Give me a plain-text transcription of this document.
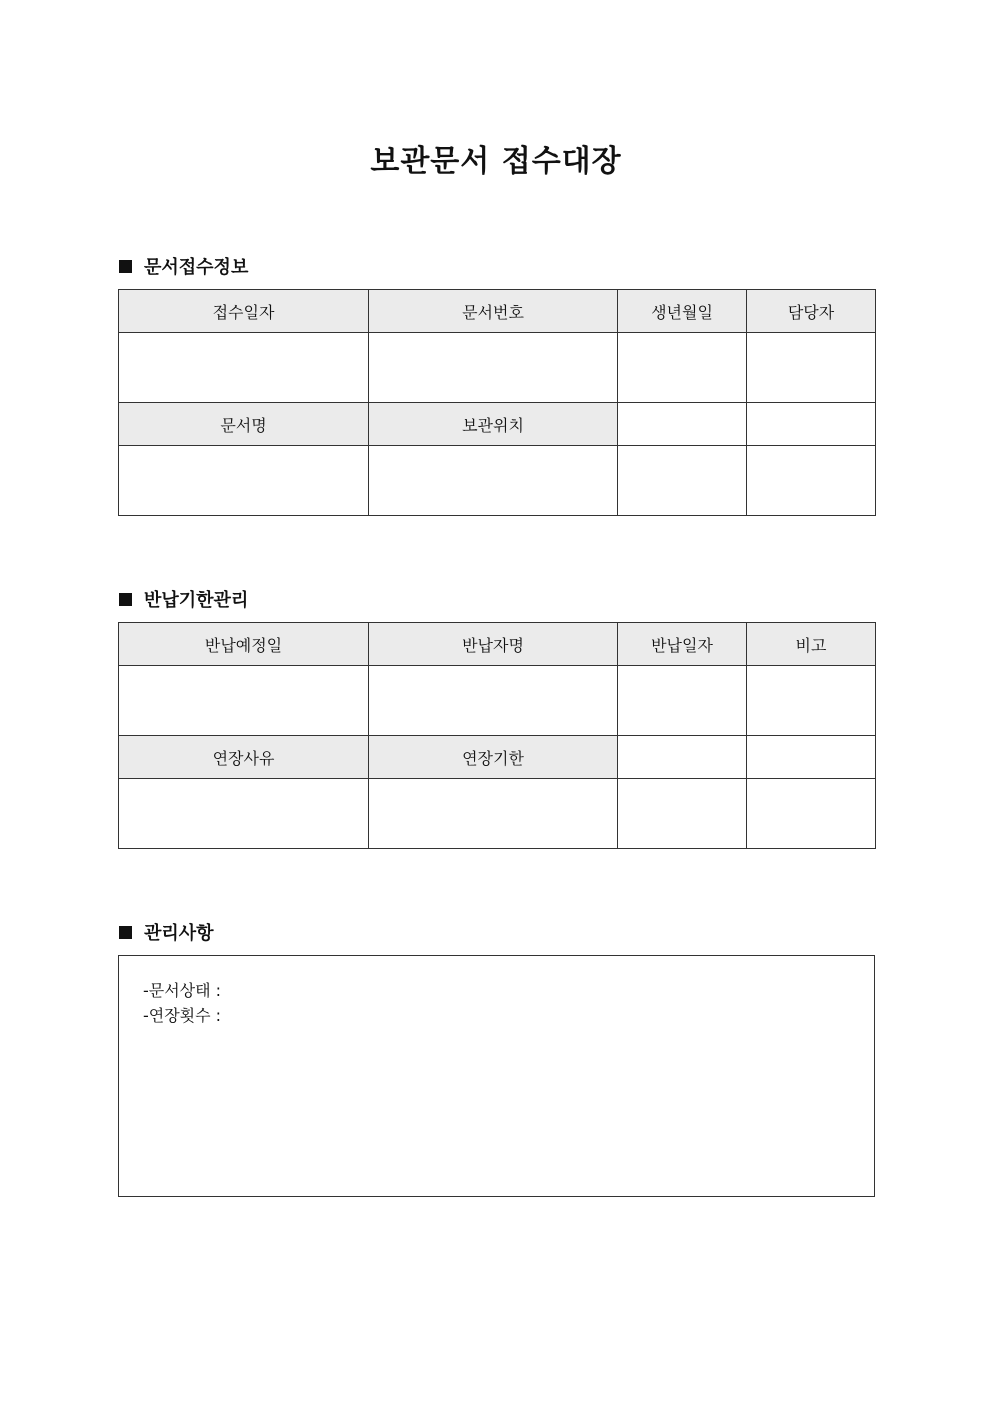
보관문서 접수대장
문서접수정보
접수일자	문서번호	생년월일	담당자

문서명	보관위치		

반납기한관리
반납예정일	반납자명	반납일자	비고

연장사유	연장기한		

관리사항
-문서상태 :
-연장횟수 :
